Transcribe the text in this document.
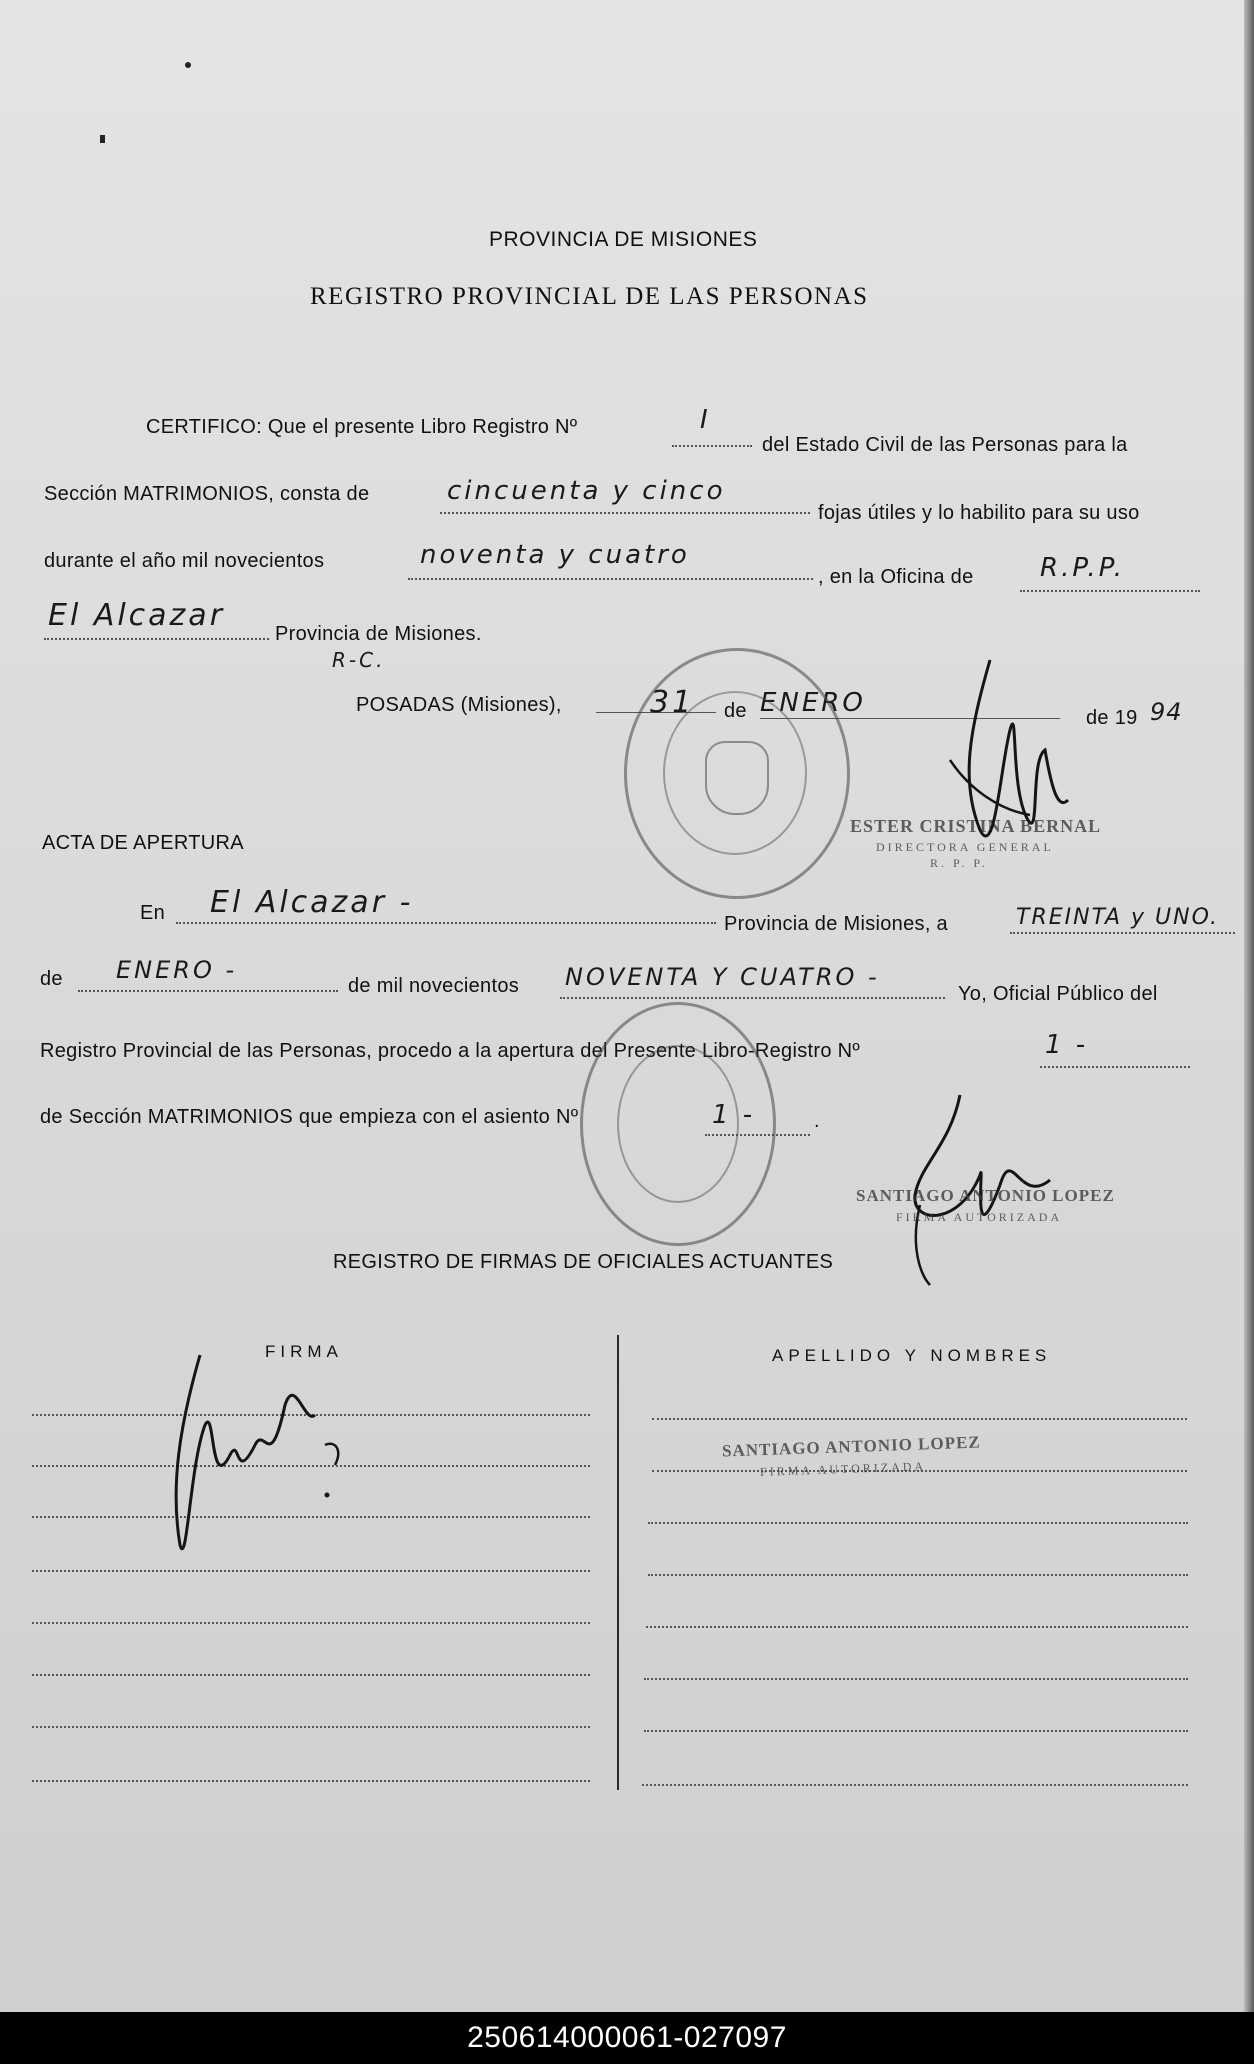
PROVINCIA DE MISIONES
REGISTRO PROVINCIAL DE LAS PERSONAS
CERTIFICO: Que el presente Libro Registro Nº	I
del Estado Civil de las Personas para la
Sección MATRIMONIOS, consta de	cincuenta y cinco
fojas útiles y lo habilito para su uso
durante el año mil novecientos	noventa y cuatro
, en la Oficina de	R.P.P.
El Alcazar
Provincia de Misiones.
R-C.
POSADAS (Misiones),	31 de ENERO	de 19 94
ESTER CRISTINA BERNAL
DIRECTORA GENERAL
R. P. P.
ACTA DE APERTURA
En El Alcazar -
Provincia de Misiones, a	TREINTA y UNO.
de ENERO -
de mil novecientos NOVENTA Y CUATRO -
Yo, Oficial Público del
Registro Provincial de las Personas, procedo a la apertura del Presente Libro-Registro Nº	1 -
de Sección MATRIMONIOS que empieza con el asiento Nº	1 -	.
SANTIAGO ANTONIO LOPEZ
FIRMA AUTORIZADA
REGISTRO DE FIRMAS DE OFICIALES ACTUANTES
FIRMA	APELLIDO Y NOMBRES
SANTIAGO ANTONIO LOPEZ
FIRMA AUTORIZADA
250614000061-027097
